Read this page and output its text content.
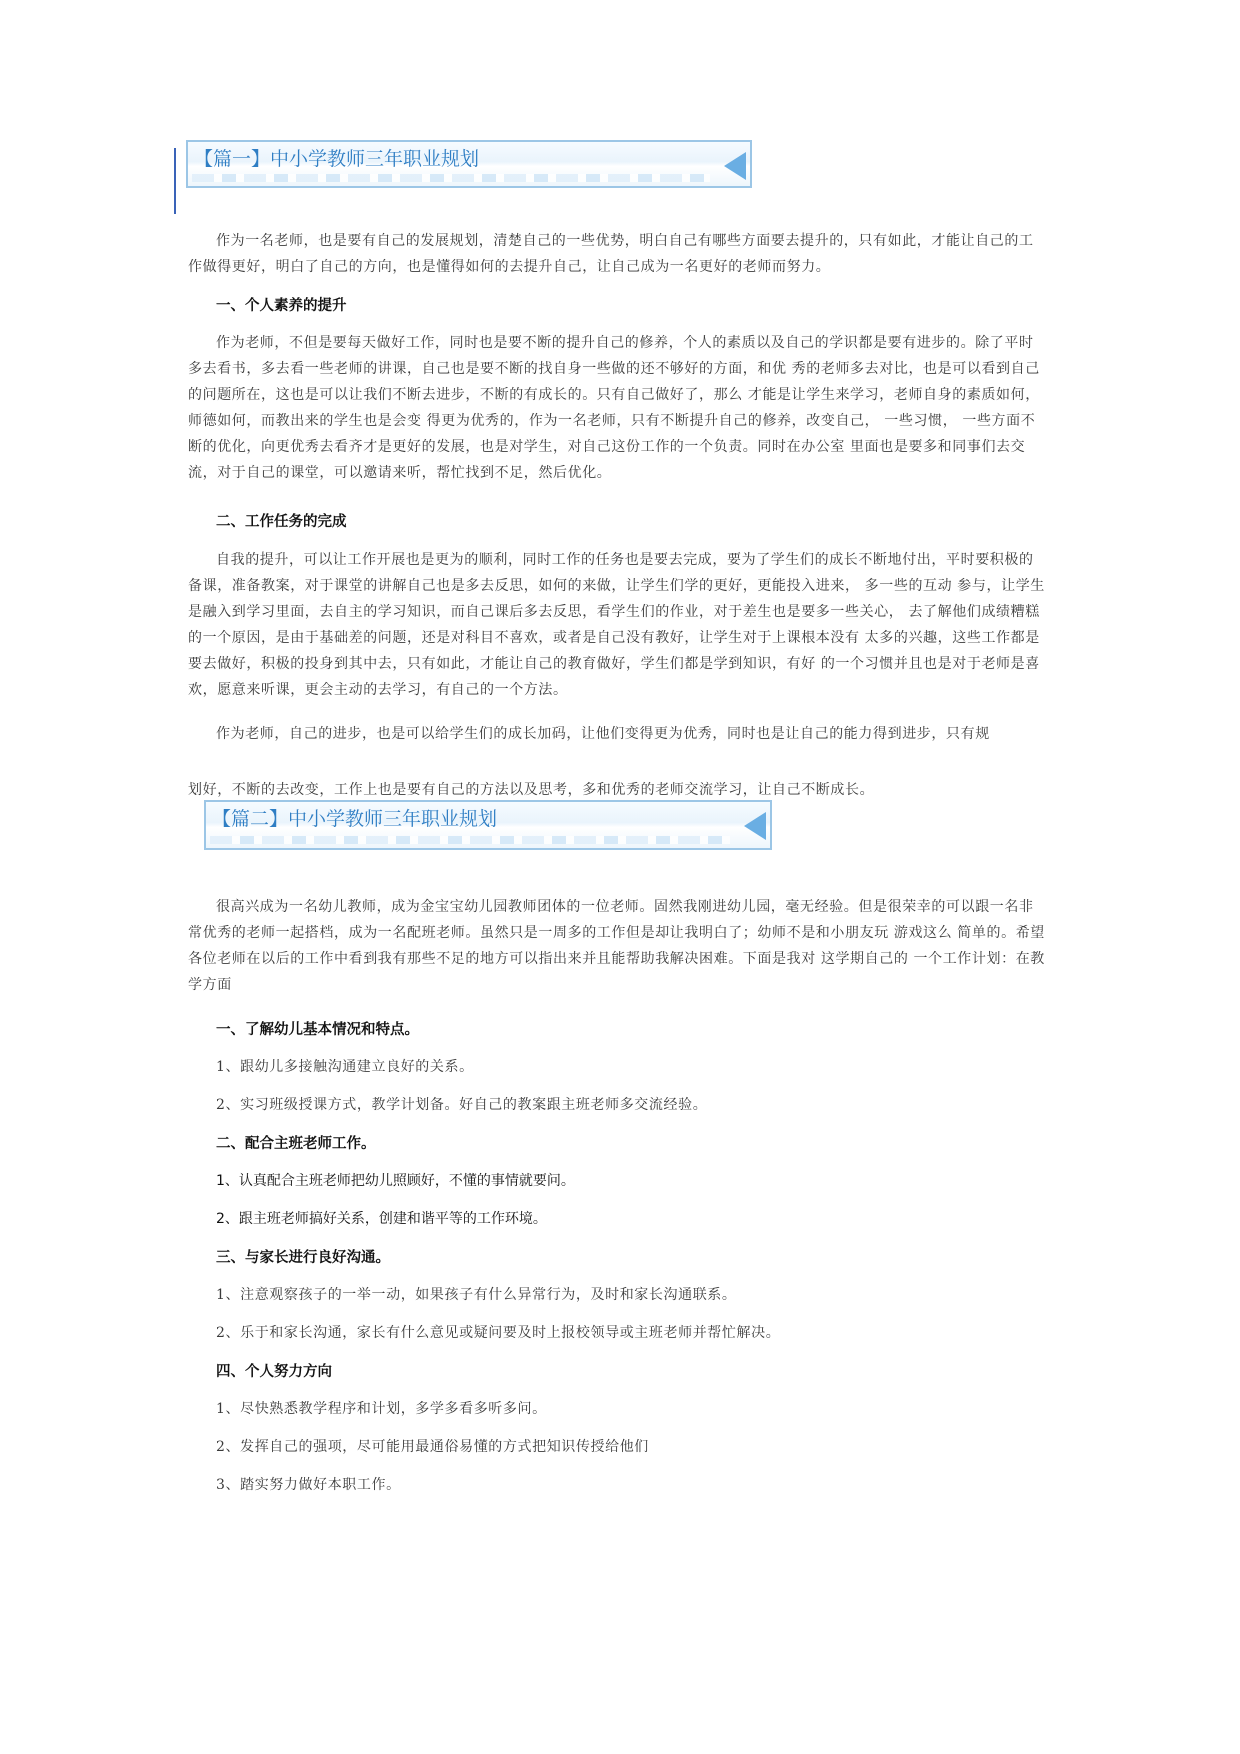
【篇一】中小学教师三年职业规划

作为一名老师，也是要有自己的发展规划，清楚自己的一些优势，明白自己有哪些方面要去提升的，只有如此，才能让自己的工作做得更好，明白了自己的方向，也是懂得如何的去提升自己，让自己成为一名更好的老师而努力。

一、个人素养的提升

作为老师，不但是要每天做好工作，同时也是要不断的提升自己的修养，个人的素质以及自己的学识都是要有进步的。除了平时多去看书，多去看一些老师的讲课，自己也是要不断的找自身一些做的还不够好的方面，和优 秀的老师多去对比，也是可以看到自己的问题所在，这也是可以让我们不断去进步，不断的有成长的。只有自己做好了，那么 才能是让学生来学习，老师自身的素质如何，师德如何，而教出来的学生也是会变 得更为优秀的，作为一名老师，只有不断提升自己的修养，改变自己， 一些习惯， 一些方面不断的优化，向更优秀去看齐才是更好的发展，也是对学生，对自己这份工作的一个负责。同时在办公室 里面也是要多和同事们去交流，对于自己的课堂，可以邀请来听，帮忙找到不足，然后优化。

二、工作任务的完成

自我的提升，可以让工作开展也是更为的顺利，同时工作的任务也是要去完成，要为了学生们的成长不断地付出，平时要积极的备课，准备教案，对于课堂的讲解自己也是多去反思，如何的来做，让学生们学的更好，更能投入进来， 多一些的互动 参与，让学生是融入到学习里面，去自主的学习知识，而自己课后多去反思，看学生们的作业，对于差生也是要多一些关心， 去了解他们成绩糟糕的一个原因，是由于基础差的问题，还是对科目不喜欢，或者是自己没有教好，让学生对于上课根本没有 太多的兴趣，这些工作都是要去做好，积极的投身到其中去，只有如此，才能让自己的教育做好，学生们都是学到知识，有好 的一个习惯并且也是对于老师是喜欢，愿意来听课，更会主动的去学习，有自己的一个方法。

作为老师，自己的进步，也是可以给学生们的成长加码，让他们变得更为优秀，同时也是让自己的能力得到进步，只有规

划好，不断的去改变，工作上也是要有自己的方法以及思考，多和优秀的老师交流学习，让自己不断成长。

【篇二】中小学教师三年职业规划

很高兴成为一名幼儿教师，成为金宝宝幼儿园教师团体的一位老师。固然我刚进幼儿园，毫无经验。但是很荣幸的可以跟一名非常优秀的老师一起搭档，成为一名配班老师。虽然只是一周多的工作但是却让我明白了；幼师不是和小朋友玩 游戏这么 简单的。希望各位老师在以后的工作中看到我有那些不足的地方可以指出来并且能帮助我解决困难。下面是我对 这学期自己的 一个工作计划：在教学方面

一、了解幼儿基本情况和特点。

1、跟幼儿多接触沟通建立良好的关系。

2、实习班级授课方式，教学计划备。好自己的教案跟主班老师多交流经验。

二、配合主班老师工作。

1、认真配合主班老师把幼儿照顾好，不懂的事情就要问。

2、跟主班老师搞好关系，创建和谐平等的工作环境。

三、与家长进行良好沟通。

1、注意观察孩子的一举一动，如果孩子有什么异常行为，及时和家长沟通联系。

2、乐于和家长沟通，家长有什么意见或疑问要及时上报校领导或主班老师并帮忙解决。

四、个人努力方向

1、尽快熟悉教学程序和计划，多学多看多听多问。

2、发挥自己的强项，尽可能用最通俗易懂的方式把知识传授给他们

3、踏实努力做好本职工作。
